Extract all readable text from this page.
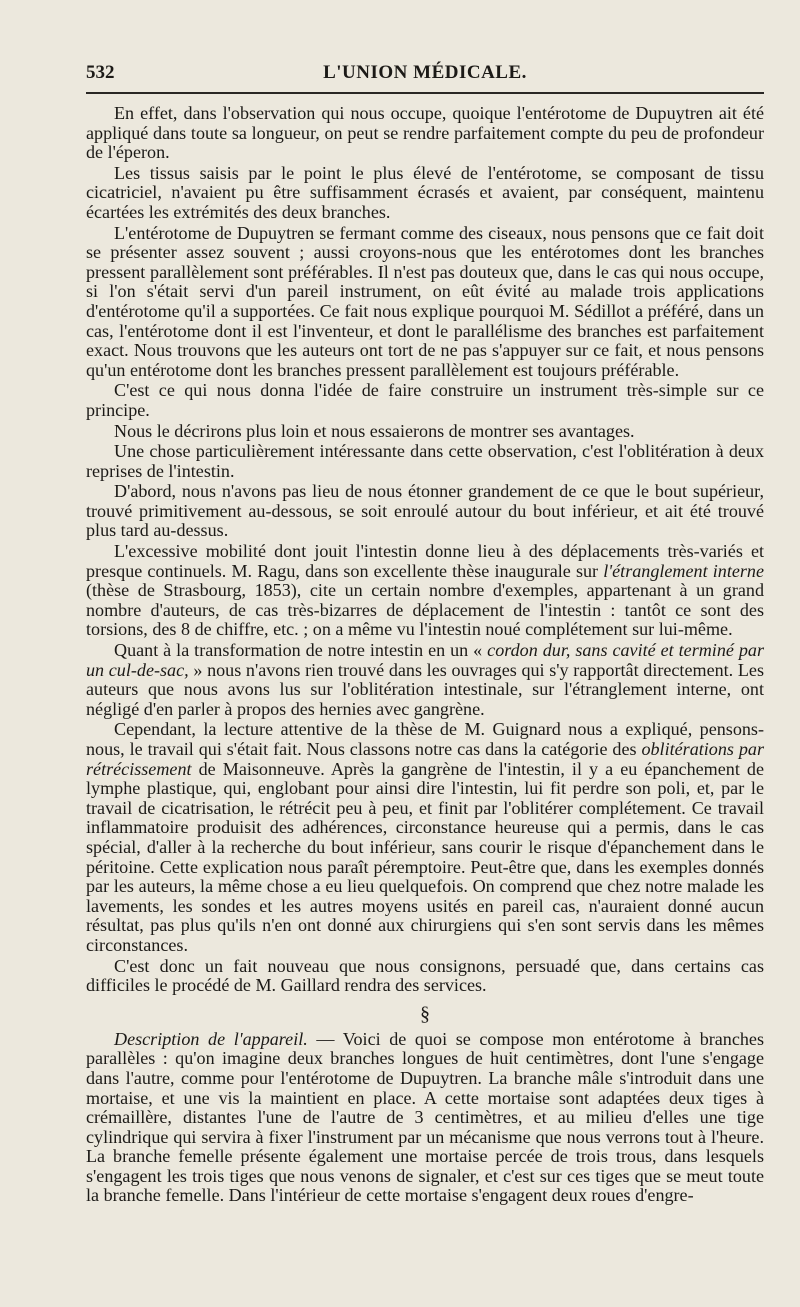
532	L'UNION MÉDICALE.

En effet, dans l'observation qui nous occupe, quoique l'entérotome de Dupuytren ait été appliqué dans toute sa longueur, on peut se rendre parfaitement compte du peu de profondeur de l'éperon.

Les tissus saisis par le point le plus élevé de l'entérotome, se composant de tissu cicatriciel, n'avaient pu être suffisamment écrasés et avaient, par conséquent, maintenu écartées les extrémités des deux branches.

L'entérotome de Dupuytren se fermant comme des ciseaux, nous pensons que ce fait doit se présenter assez souvent ; aussi croyons-nous que les entérotomes dont les branches pressent parallèlement sont préférables. Il n'est pas douteux que, dans le cas qui nous occupe, si l'on s'était servi d'un pareil instrument, on eût évité au malade trois applications d'entérotome qu'il a supportées. Ce fait nous explique pourquoi M. Sédillot a préféré, dans un cas, l'entérotome dont il est l'inventeur, et dont le parallélisme des branches est parfaitement exact. Nous trouvons que les auteurs ont tort de ne pas s'appuyer sur ce fait, et nous pensons qu'un entérotome dont les branches pressent parallèlement est toujours préférable.

C'est ce qui nous donna l'idée de faire construire un instrument très-simple sur ce principe.

Nous le décrirons plus loin et nous essaierons de montrer ses avantages.

Une chose particulièrement intéressante dans cette observation, c'est l'oblitération à deux reprises de l'intestin.

D'abord, nous n'avons pas lieu de nous étonner grandement de ce que le bout supérieur, trouvé primitivement au-dessous, se soit enroulé autour du bout inférieur, et ait été trouvé plus tard au-dessus.

L'excessive mobilité dont jouit l'intestin donne lieu à des déplacements très-variés et presque continuels. M. Ragu, dans son excellente thèse inaugurale sur l'étranglement interne (thèse de Strasbourg, 1853), cite un certain nombre d'exemples, appartenant à un grand nombre d'auteurs, de cas très-bizarres de déplacement de l'intestin : tantôt ce sont des torsions, des 8 de chiffre, etc. ; on a même vu l'intestin noué complétement sur lui-même.

Quant à la transformation de notre intestin en un « cordon dur, sans cavité et terminé par un cul-de-sac, » nous n'avons rien trouvé dans les ouvrages qui s'y rapportât directement. Les auteurs que nous avons lus sur l'oblitération intestinale, sur l'étranglement interne, ont négligé d'en parler à propos des hernies avec gangrène.

Cependant, la lecture attentive de la thèse de M. Guignard nous a expliqué, pensons-nous, le travail qui s'était fait. Nous classons notre cas dans la catégorie des oblitérations par rétrécissement de Maisonneuve. Après la gangrène de l'intestin, il y a eu épanchement de lymphe plastique, qui, englobant pour ainsi dire l'intestin, lui fit perdre son poli, et, par le travail de cicatrisation, le rétrécit peu à peu, et finit par l'oblitérer complétement. Ce travail inflammatoire produisit des adhérences, circonstance heureuse qui a permis, dans le cas spécial, d'aller à la recherche du bout inférieur, sans courir le risque d'épanchement dans le péritoine. Cette explication nous paraît péremptoire. Peut-être que, dans les exemples donnés par les auteurs, la même chose a eu lieu quelquefois. On comprend que chez notre malade les lavements, les sondes et les autres moyens usités en pareil cas, n'auraient donné aucun résultat, pas plus qu'ils n'en ont donné aux chirurgiens qui s'en sont servis dans les mêmes circonstances.

C'est donc un fait nouveau que nous consignons, persuadé que, dans certains cas difficiles le procédé de M. Gaillard rendra des services.

§

Description de l'appareil. — Voici de quoi se compose mon entérotome à branches parallèles : qu'on imagine deux branches longues de huit centimètres, dont l'une s'engage dans l'autre, comme pour l'entérotome de Dupuytren. La branche mâle s'introduit dans une mortaise, et une vis la maintient en place. A cette mortaise sont adaptées deux tiges à crémaillère, distantes l'une de l'autre de 3 centimètres, et au milieu d'elles une tige cylindrique qui servira à fixer l'instrument par un mécanisme que nous verrons tout à l'heure. La branche femelle présente également une mortaise percée de trois trous, dans lesquels s'engagent les trois tiges que nous venons de signaler, et c'est sur ces tiges que se meut toute la branche femelle. Dans l'intérieur de cette mortaise s'engagent deux roues d'engre-
